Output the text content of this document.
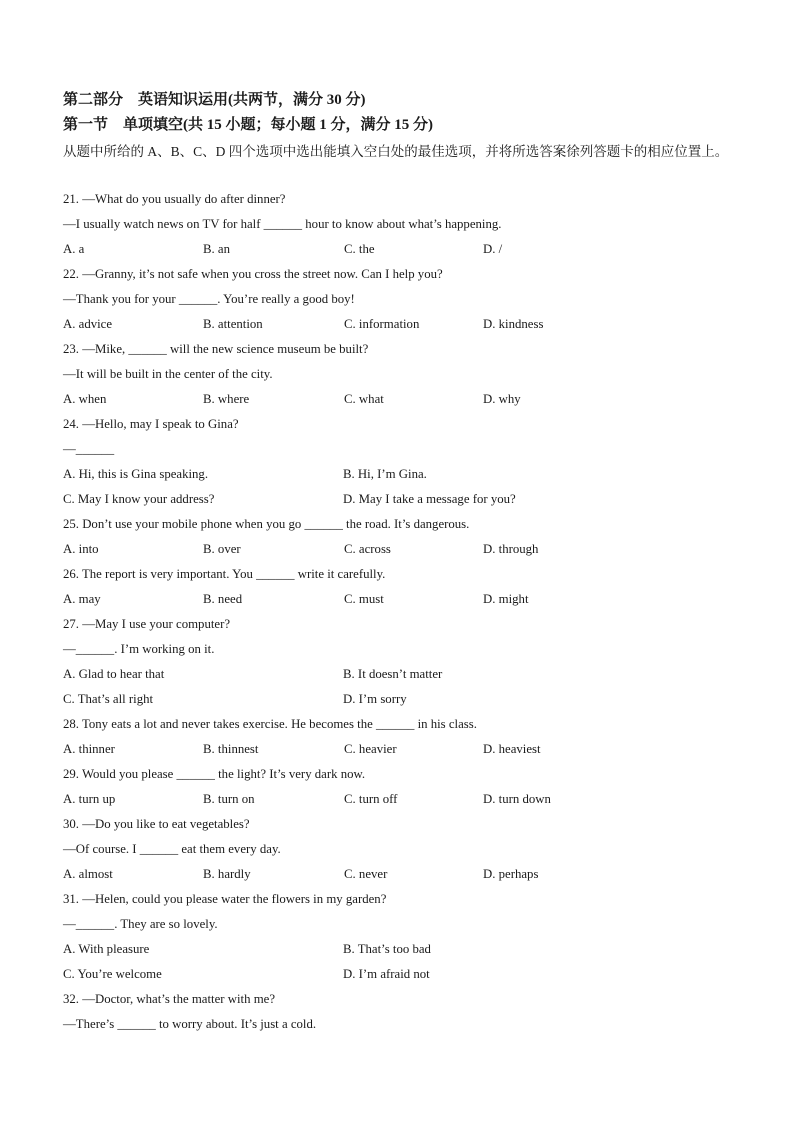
第二部分　英语知识运用(共两节，满分 30 分)
第一节　单项填空(共 15 小题；每小题 1 分，满分 15 分)
从题中所给的 A、B、C、D 四个选项中选出能填入空白处的最佳选项，并将所选答案徐列答题卡的相应位置上。
21. —What do you usually do after dinner?
—I usually watch news on TV for half ______ hour to know about what’s happening.
A. a	B. an	C. the	D. /
22. —Granny, it’s not safe when you cross the street now. Can I help you?
—Thank you for your ______. You’re really a good boy!
A. advice	B. attention	C. information	D. kindness
23. —Mike, ______ will the new science museum be built?
—It will be built in the center of the city.
A. when	B. where	C. what	D. why
24. —Hello, may I speak to Gina?
—______
A. Hi, this is Gina speaking.	B. Hi, I’m Gina.
C. May I know your address?	D. May I take a message for you?
25. Don’t use your mobile phone when you go ______ the road. It’s dangerous.
A. into	B. over	C. across	D. through
26. The report is very important. You ______ write it carefully.
A. may	B. need	C. must	D. might
27. —May I use your computer?
—______. I’m working on it.
A. Glad to hear that	B. It doesn’t matter
C. That’s all right	D. I’m sorry
28. Tony eats a lot and never takes exercise. He becomes the ______ in his class.
A. thinner	B. thinnest	C. heavier	D. heaviest
29. Would you please ______ the light? It’s very dark now.
A. turn up	B. turn on	C. turn off	D. turn down
30. —Do you like to eat vegetables?
—Of course. I ______ eat them every day.
A. almost	B. hardly	C. never	D. perhaps
31. —Helen, could you please water the flowers in my garden?
—______. They are so lovely.
A. With pleasure	B. That’s too bad
C. You’re welcome	D. I’m afraid not
32. —Doctor, what’s the matter with me?
—There’s ______ to worry about. It’s just a cold.
